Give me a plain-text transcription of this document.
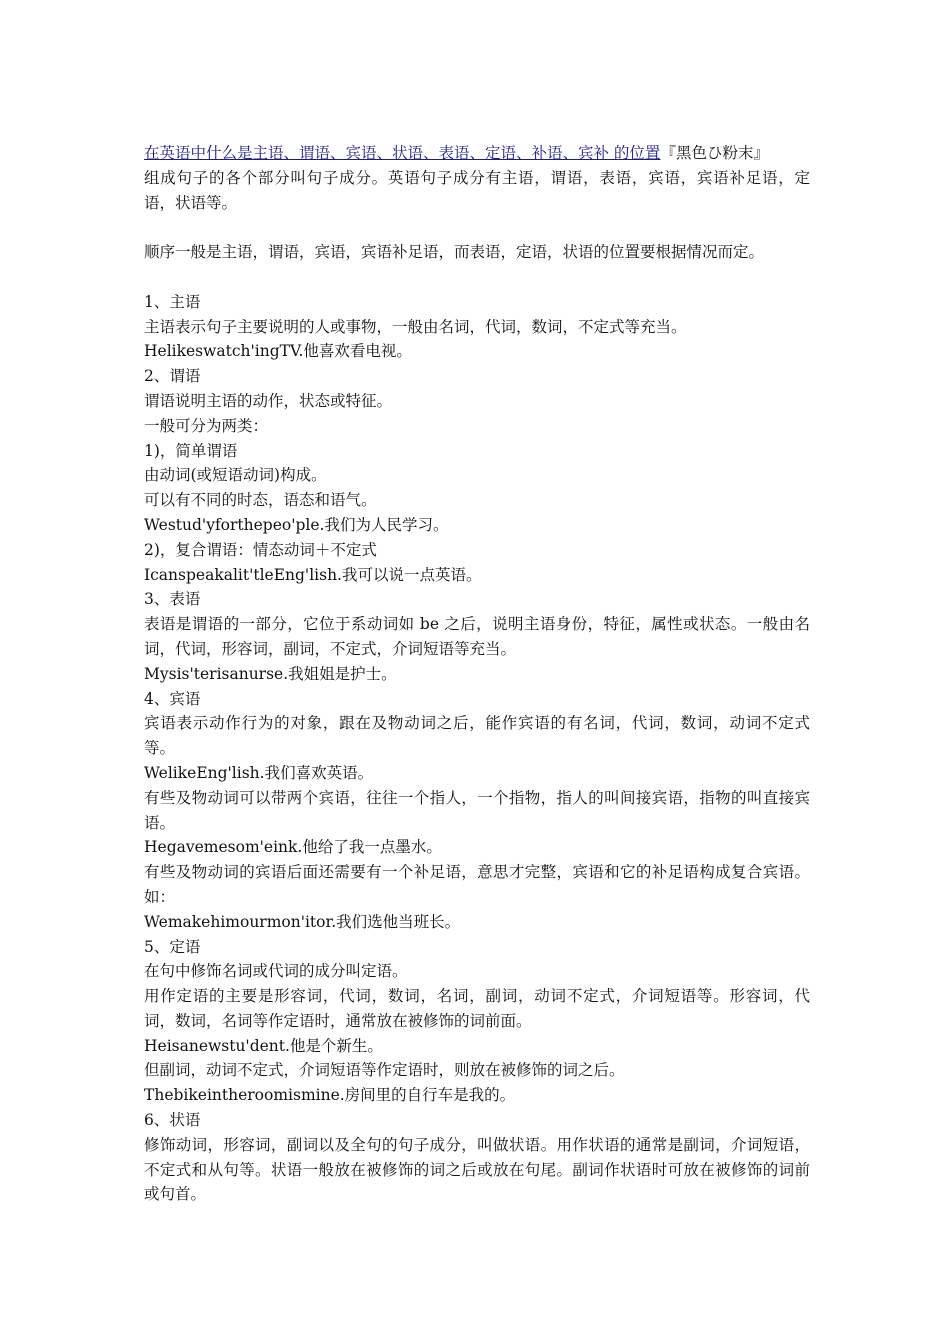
在英语中什么是主语、谓语、宾语、状语、表语、定语、补语、宾补 的位置『黑色ひ粉末』

组成句子的各个部分叫句子成分。英语句子成分有主语，谓语，表语，宾语，宾语补足语，定语，状语等。

顺序一般是主语，谓语，宾语，宾语补足语，而表语，定语，状语的位置要根据情况而定。

1、主语

主语表示句子主要说明的人或事物，一般由名词，代词，数词，不定式等充当。

Helikeswatch'ingTV.他喜欢看电视。

2、谓语

谓语说明主语的动作，状态或特征。

一般可分为两类：

1)，简单谓语

由动词(或短语动词)构成。

可以有不同的时态，语态和语气。

Westud'yforthepeo'ple.我们为人民学习。

2)，复合谓语：情态动词＋不定式

Icanspeakalit'tleEng'lish.我可以说一点英语。

3、表语

表语是谓语的一部分，它位于系动词如 be 之后，说明主语身份，特征，属性或状态。一般由名词，代词，形容词，副词，不定式，介词短语等充当。

Mysis'terisanurse.我姐姐是护士。

4、宾语

宾语表示动作行为的对象，跟在及物动词之后，能作宾语的有名词，代词，数词，动词不定式等。

WelikeEng'lish.我们喜欢英语。

有些及物动词可以带两个宾语，往往一个指人，一个指物，指人的叫间接宾语，指物的叫直接宾语。

Hegavemesom'eink.他给了我一点墨水。

有些及物动词的宾语后面还需要有一个补足语，意思才完整，宾语和它的补足语构成复合宾语。如：

Wemakehimourmon'itor.我们选他当班长。

5、定语

在句中修饰名词或代词的成分叫定语。

用作定语的主要是形容词，代词，数词，名词，副词，动词不定式，介词短语等。形容词，代词，数词，名词等作定语时，通常放在被修饰的词前面。

Heisanewstu'dent.他是个新生。

但副词，动词不定式，介词短语等作定语时，则放在被修饰的词之后。

Thebikeintheroomismine.房间里的自行车是我的。

6、状语

修饰动词，形容词，副词以及全句的句子成分，叫做状语。用作状语的通常是副词，介词短语，不定式和从句等。状语一般放在被修饰的词之后或放在句尾。副词作状语时可放在被修饰的词前或句首。
